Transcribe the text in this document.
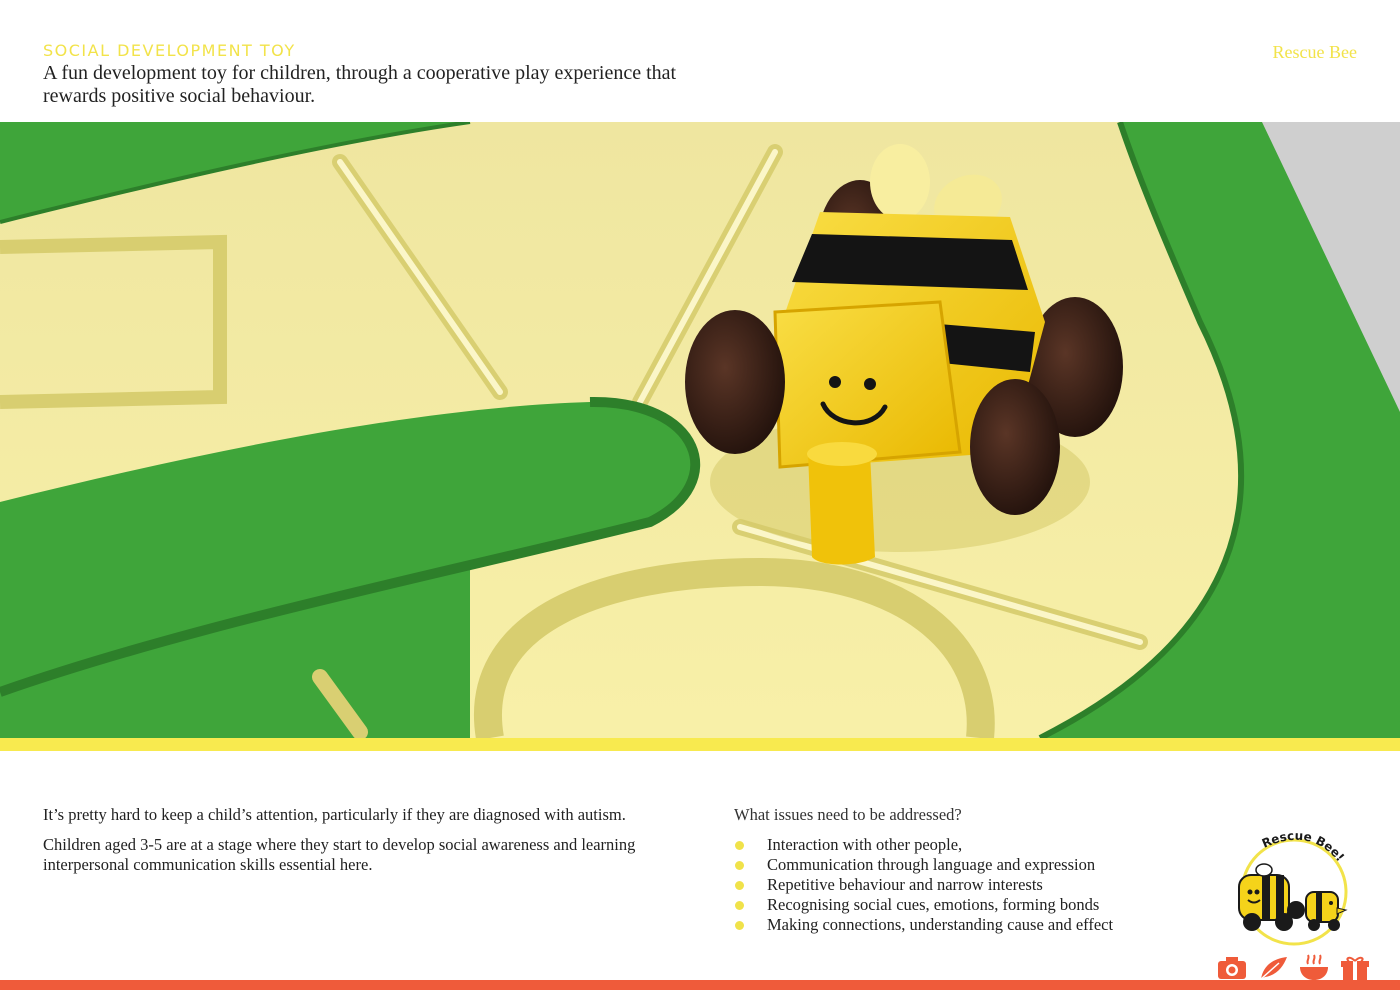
SOCIAL DEVELOPMENT TOY	Rescue Bee
A fun development toy for children, through a cooperative play experience that rewards positive social behaviour.

It’s pretty hard to keep a child’s attention, particularly if they are diagnosed with autism.

Children aged 3-5 are at a stage where they start to develop social awareness and learning interpersonal communication skills essential here.

What issues need to be addressed?
Interaction with other people,
Communication through language and expression
Repetitive behaviour and narrow interests
Recognising social cues, emotions, forming bonds
Making connections, understanding cause and effect
Rescue Bee!
